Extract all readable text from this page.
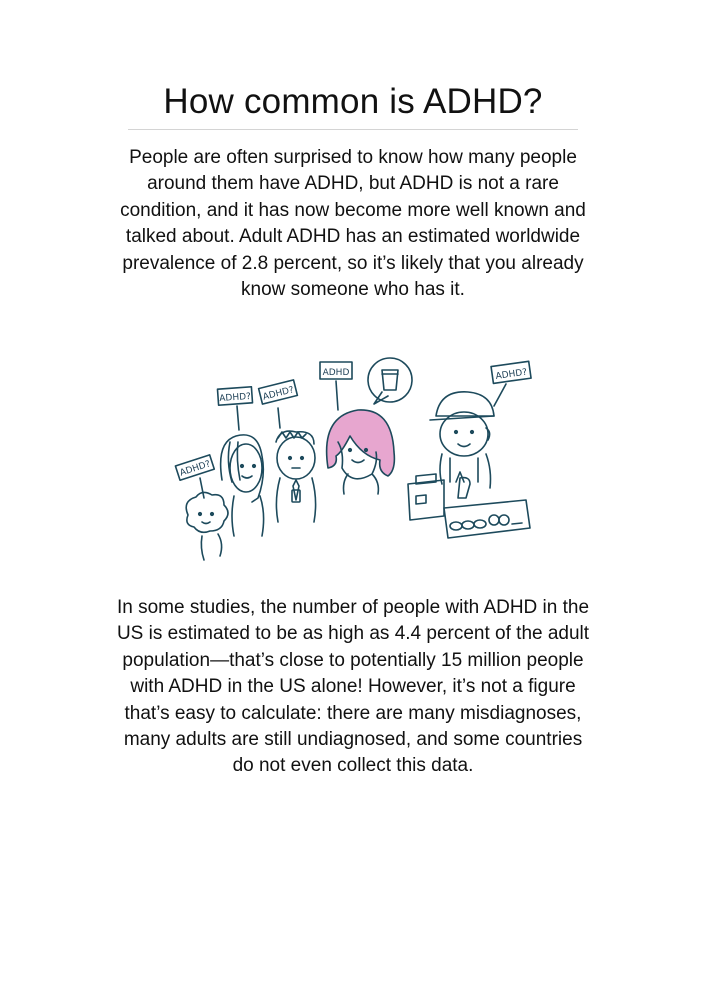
How common is ADHD?

People are often surprised to know how many people around them have ADHD, but ADHD is not a rare condition, and it has now become more well known and talked about. Adult ADHD has an estimated worldwide prevalence of 2.8 percent, so it’s likely that you already know someone who has it.

ADHD?
ADHD? ADHD?
ADHD	ADHD?

In some studies, the number of people with ADHD in the US is estimated to be as high as 4.4 percent of the adult population—that’s close to potentially 15 million people with ADHD in the US alone! However, it’s not a figure that’s easy to calculate: there are many misdiagnoses, many adults are still undiagnosed, and some countries do not even collect this data.
